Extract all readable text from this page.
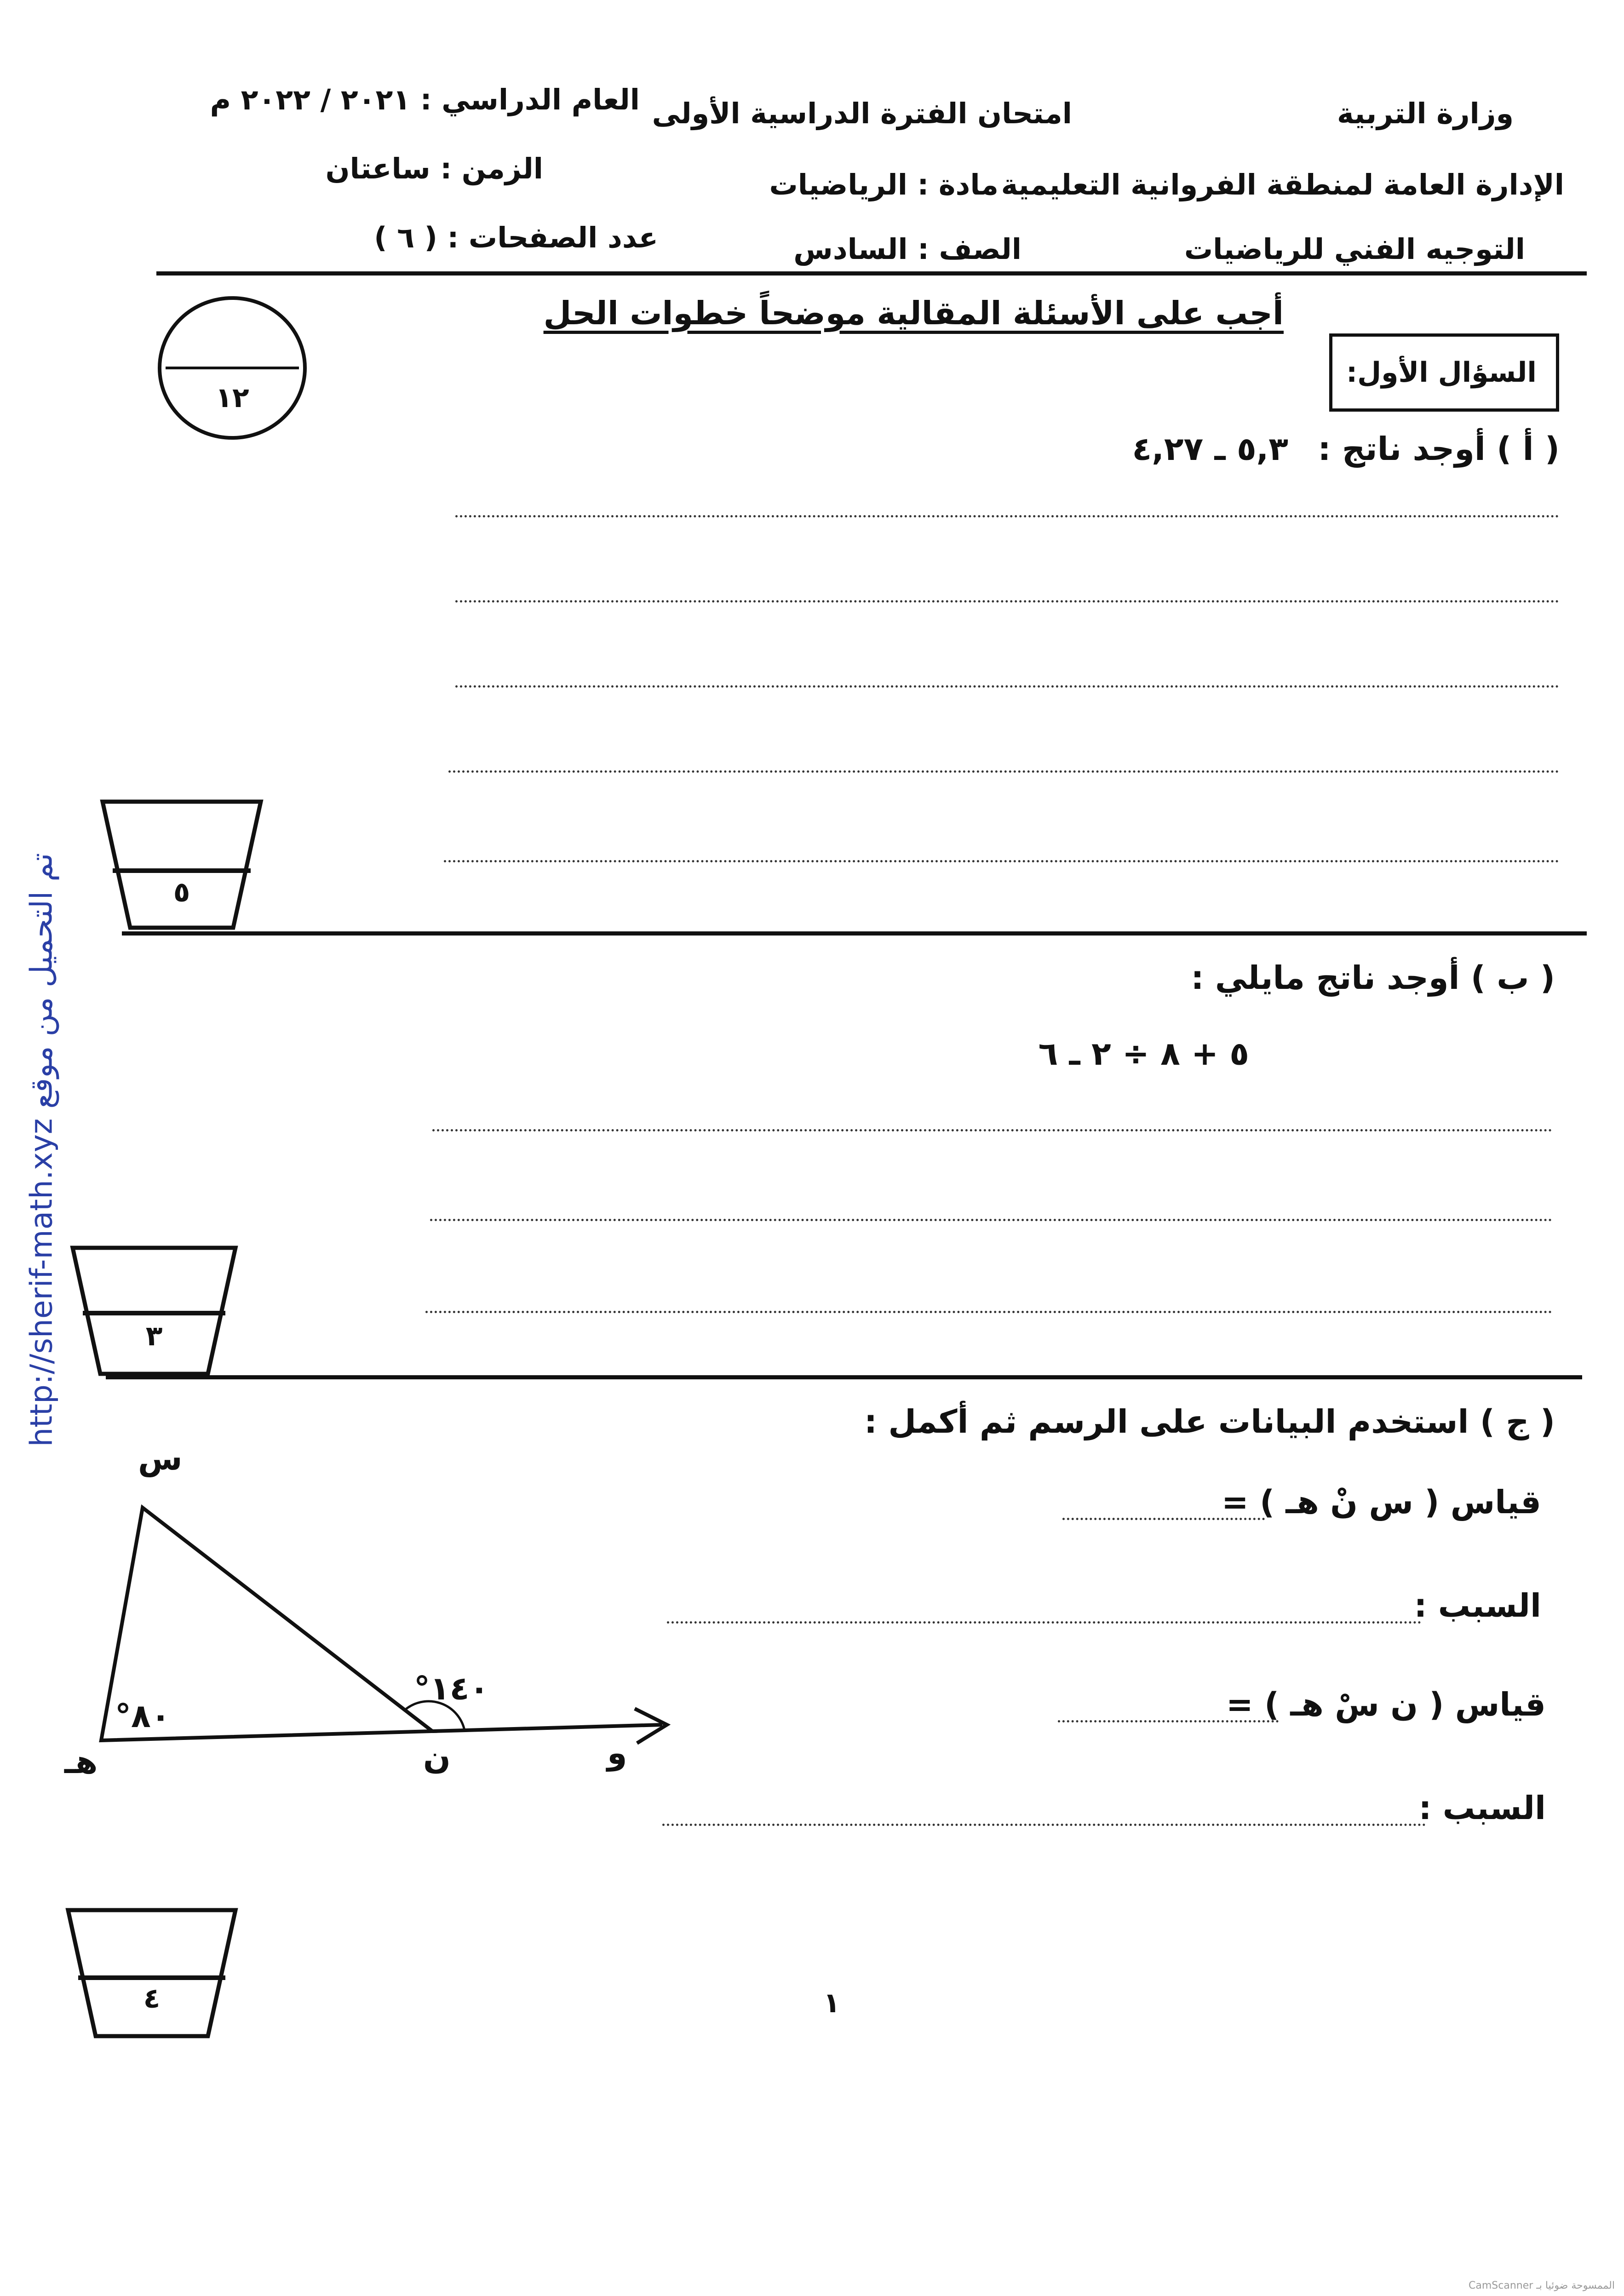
وزارة التربية
الإدارة العامة لمنطقة الفروانية التعليمية
التوجيه الفني للرياضيات
امتحان الفترة الدراسية الأولى
مادة : الرياضيات
الصف : السادس
العام الدراسي : ٢٠٢١ / ٢٠٢٢ م
الزمن : ساعتان
عدد الصفحات : ( ٦ )
أجب على الأسئلة المقالية موضحاً خطوات الحل
السؤال الأول:
١٢
( أ ) أوجد ناتج :
٥,٣ ـ ٤,٢٧
٥
( ب ) أوجد ناتج مايلي :
٥ + ٨ ÷ ٢ ـ ٦
٣
( ج ) استخدم البيانات على الرسم ثم أكمل :
قياس ( س نْ هـ ) =
السبب :
قياس ( ن سْ هـ ) =
السبب :
س
هـ	ن	و
٨٠°
١٤٠°
٤	١
http://sherif-math.xyz تم التحميل من موقع
الممسوحة ضوئيا بـ CamScanner
